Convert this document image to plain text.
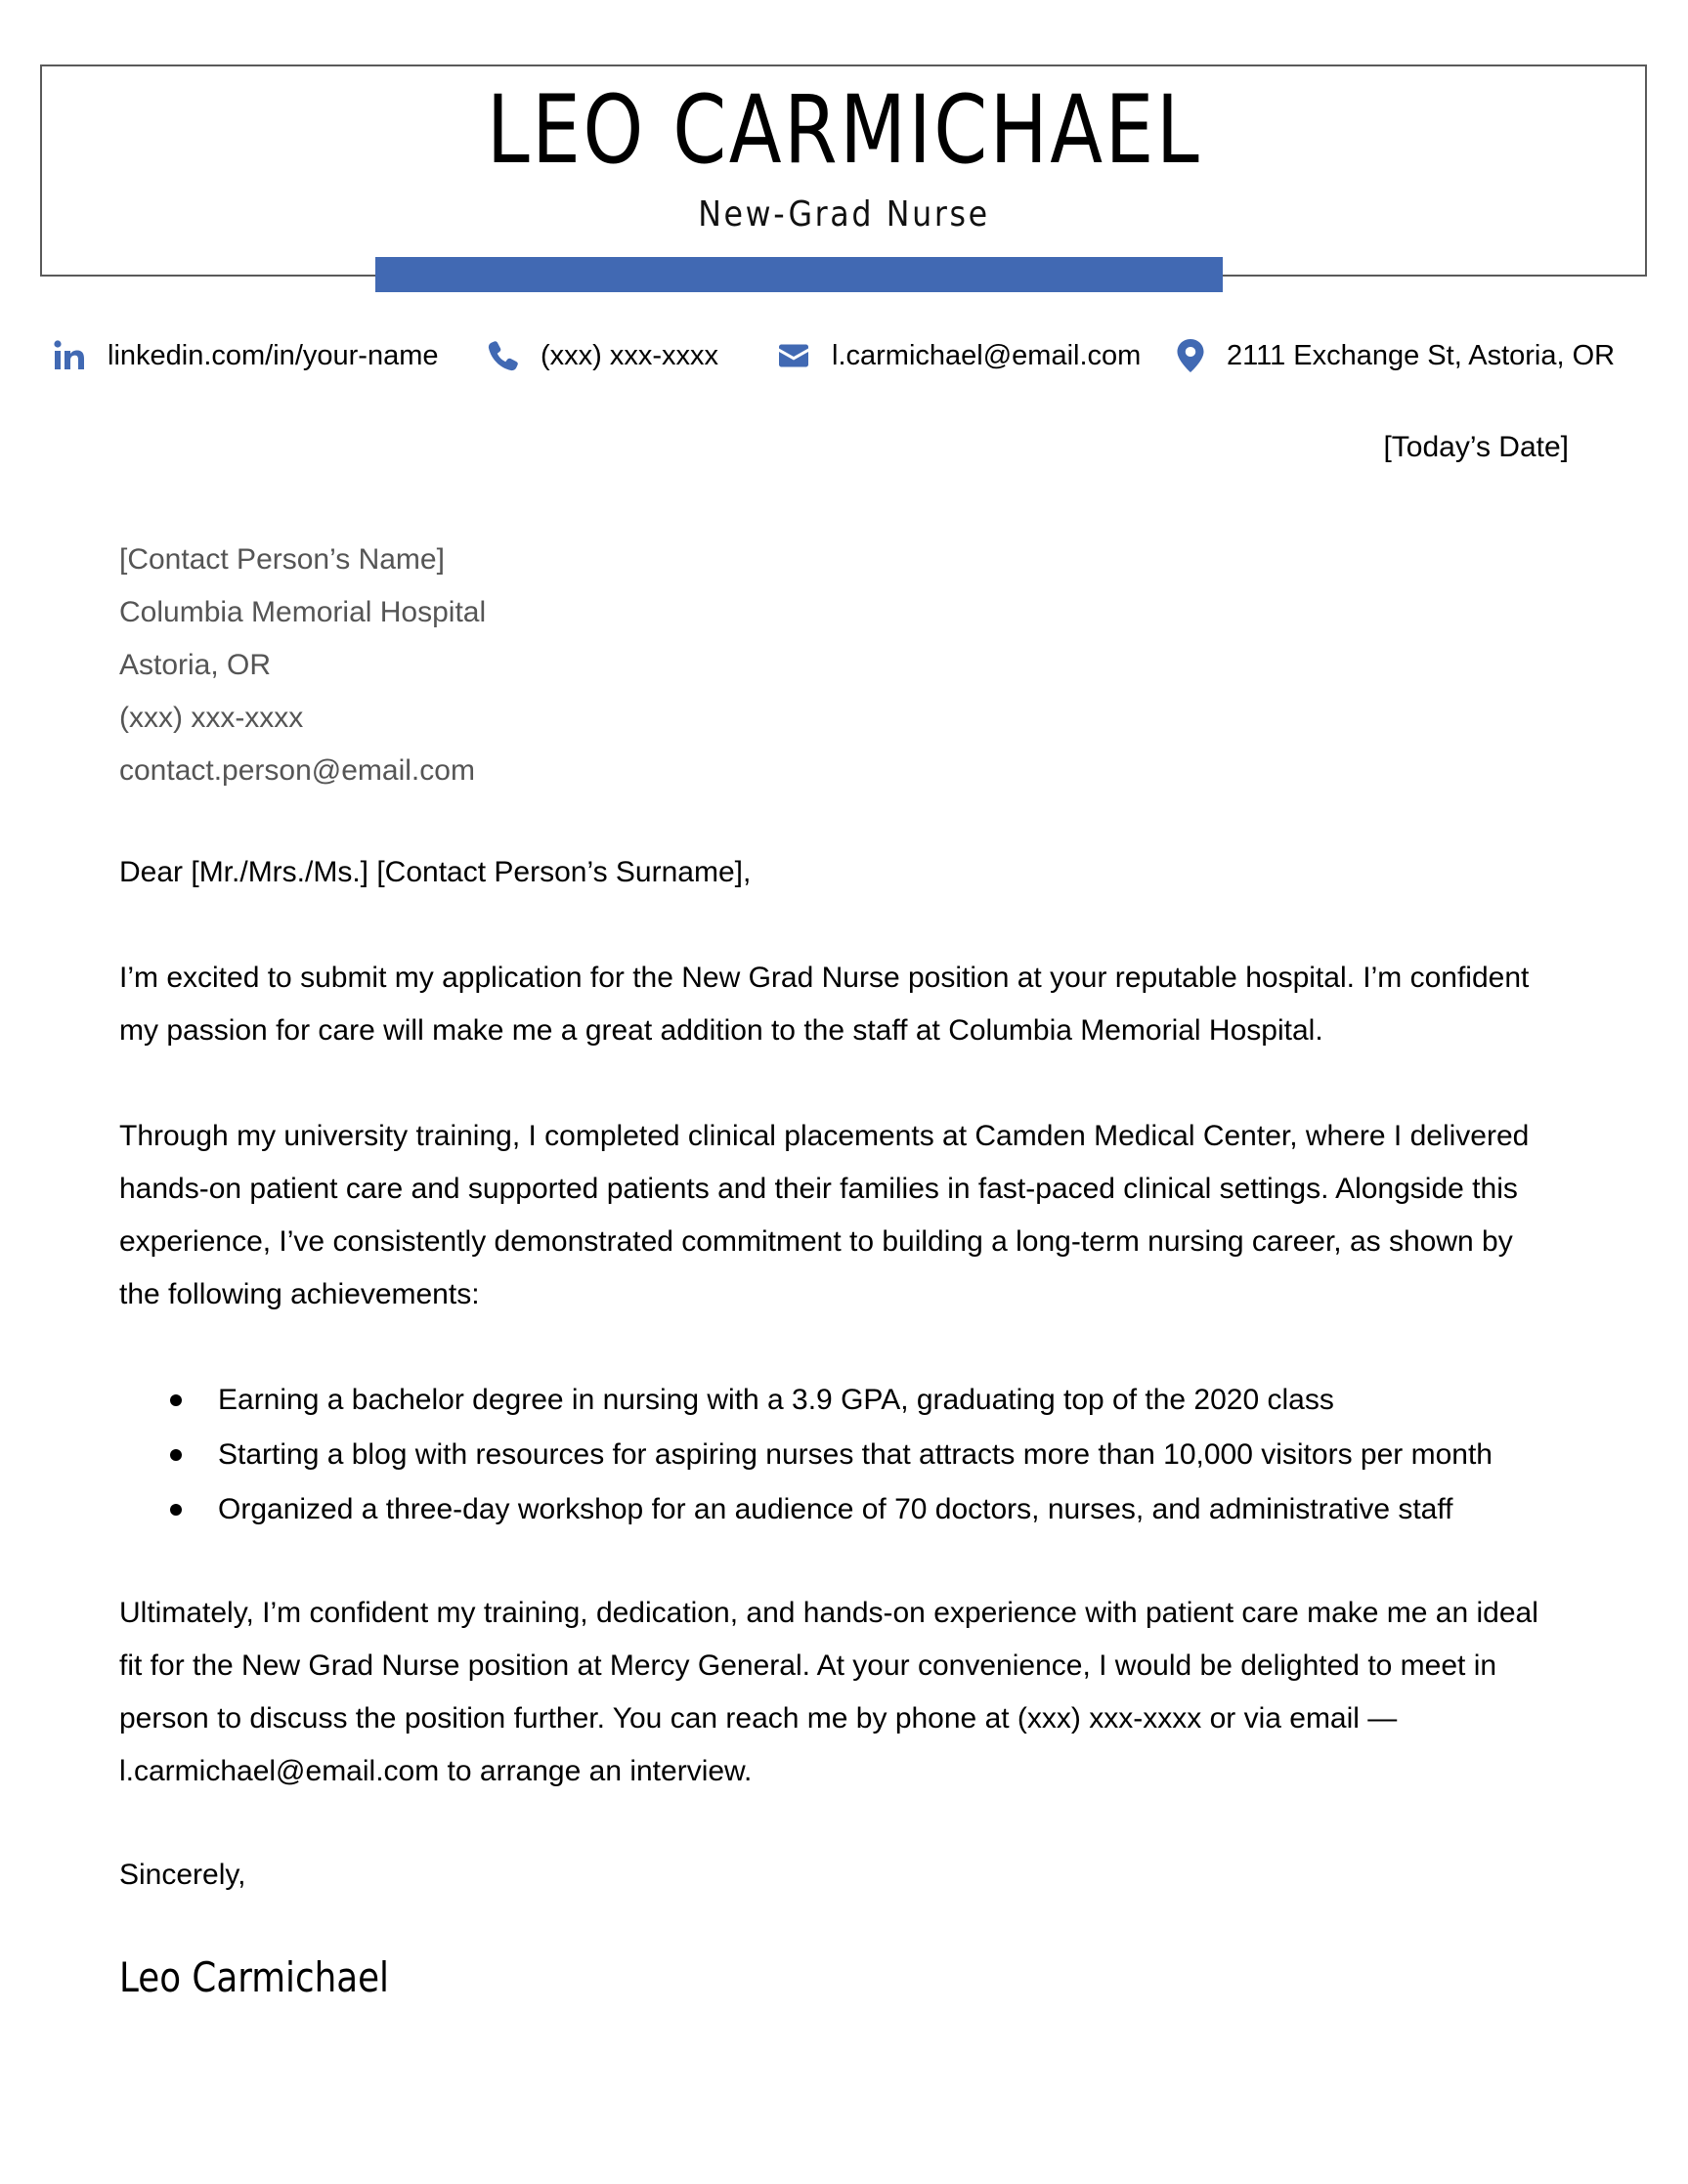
LEO CARMICHAEL
New-Grad Nurse
linkedin.com/in/your-name	(xxx) xxx-xxxx	l.carmichael@email.com	2111 Exchange St, Astoria, OR
[Today’s Date]
[Contact Person’s Name]
Columbia Memorial Hospital
Astoria, OR
(xxx) xxx-xxxx
contact.person@email.com
Dear [Mr./Mrs./Ms.] [Contact Person’s Surname],
I’m excited to submit my application for the New Grad Nurse position at your reputable hospital. I’m confident my passion for care will make me a great addition to the staff at Columbia Memorial Hospital.
Through my university training, I completed clinical placements at Camden Medical Center, where I delivered hands-on patient care and supported patients and their families in fast-paced clinical settings. Alongside this experience, I’ve consistently demonstrated commitment to building a long-term nursing career, as shown by the following achievements:
Earning a bachelor degree in nursing with a 3.9 GPA, graduating top of the 2020 class
Starting a blog with resources for aspiring nurses that attracts more than 10,000 visitors per month
Organized a three-day workshop for an audience of 70 doctors, nurses, and administrative staff
Ultimately, I’m confident my training, dedication, and hands-on experience with patient care make me an ideal fit for the New Grad Nurse position at Mercy General. At your convenience, I would be delighted to meet in person to discuss the position further. You can reach me by phone at (xxx) xxx-xxxx or via email — l.carmichael@email.com to arrange an interview.
Sincerely,
Leo Carmichael
